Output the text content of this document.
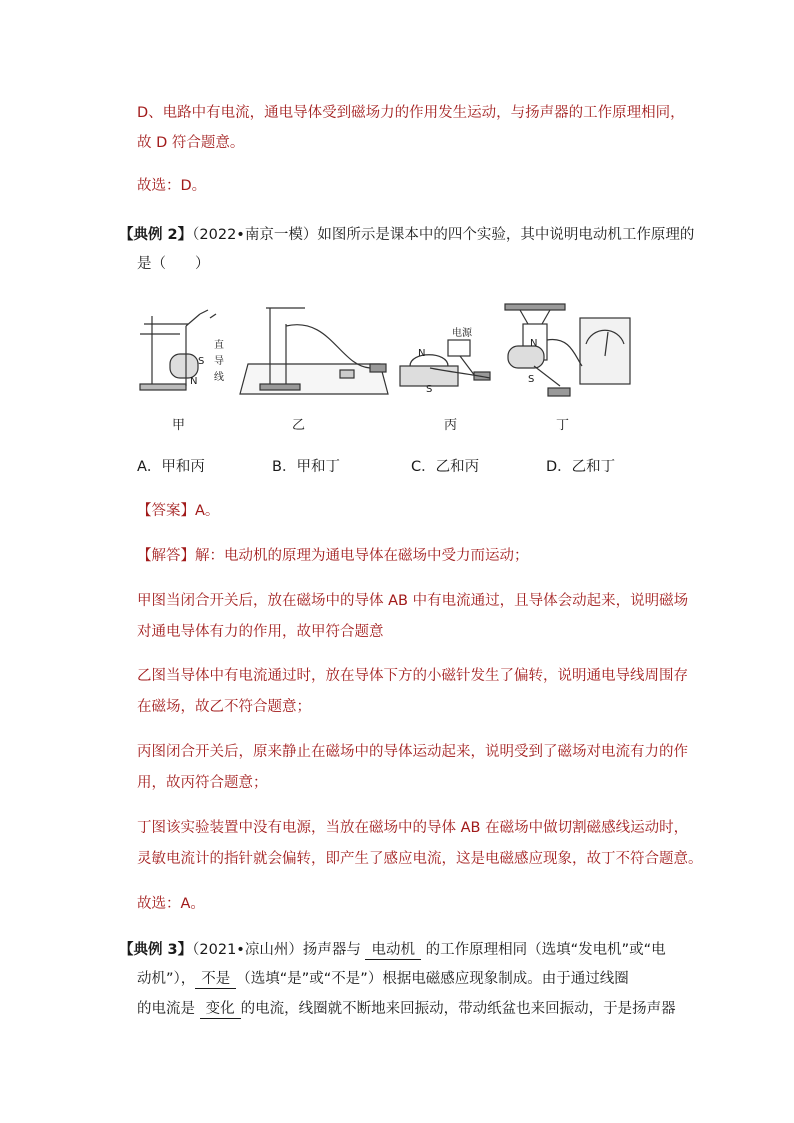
D、电路中有电流，通电导体受到磁场力的作用发生运动，与扬声器的工作原理相同，
故 D 符合题意。
故选：D。
【典例 2】（2022•南京一模）如图所示是课本中的四个实验，其中说明电动机工作原理的
是（　　）
S
N
直
导
线
电源
N
S
N
S
甲	乙	丙	丁
A．甲和丙	B．甲和丁	C．乙和丙	D．乙和丁
【答案】A。
【解答】解：电动机的原理为通电导体在磁场中受力而运动；
甲图当闭合开关后，放在磁场中的导体 AB 中有电流通过，且导体会动起来，说明磁场
对通电导体有力的作用，故甲符合题意
乙图当导体中有电流通过时，放在导体下方的小磁针发生了偏转，说明通电导线周围存
在磁场，故乙不符合题意；
丙图闭合开关后，原来静止在磁场中的导体运动起来，说明受到了磁场对电流有力的作
用，故丙符合题意；
丁图该实验装置中没有电源，当放在磁场中的导体 AB 在磁场中做切割磁感线运动时，
灵敏电流计的指针就会偏转，即产生了感应电流，这是电磁感应现象，故丁不符合题意。
故选：A。
【典例 3】（2021•凉山州）扬声器与 电动机 的工作原理相同（选填“发电机”或“电
动机”）， 不是 （选填“是”或“不是”）根据电磁感应现象制成。由于通过线圈
的电流是 变化 的电流，线圈就不断地来回振动，带动纸盆也来回振动，于是扬声器
